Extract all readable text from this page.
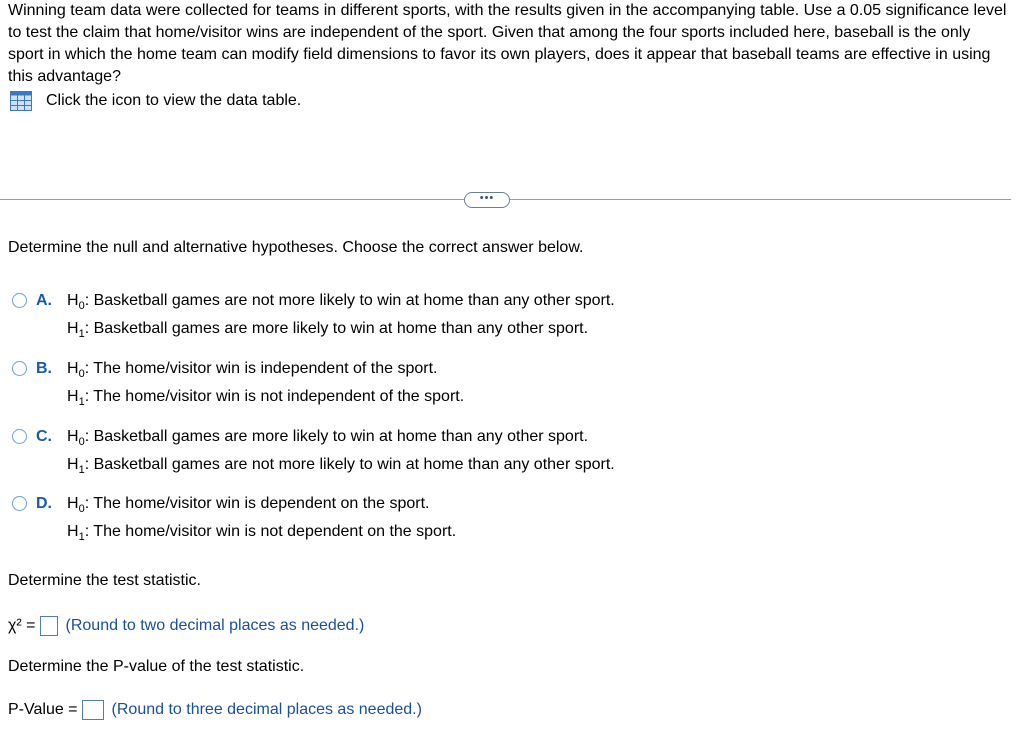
Winning team data were collected for teams in different sports, with the results given in the accompanying table. Use a 0.05 significance level to test the claim that home/visitor wins are independent of the sport. Given that among the four sports included here, baseball is the only sport in which the home team can modify field dimensions to favor its own players, does it appear that baseball teams are effective in using this advantage?
Click the icon to view the data table.
•••
Determine the null and alternative hypotheses. Choose the correct answer below.
A. $H_0$: Basketball games are not more likely to win at home than any other sport.
$H_1$: Basketball games are more likely to win at home than any other sport.
B. $H_0$: The home/visitor win is independent of the sport.
$H_1$: The home/visitor win is not independent of the sport.
C. $H_0$: Basketball games are more likely to win at home than any other sport.
$H_1$: Basketball games are not more likely to win at home than any other sport.
D. $H_0$: The home/visitor win is dependent on the sport.
$H_1$: The home/visitor win is not dependent on the sport.
Determine the test statistic.
χ² = (Round to two decimal places as needed.)
Determine the P-value of the test statistic.
P-Value = (Round to three decimal places as needed.)
